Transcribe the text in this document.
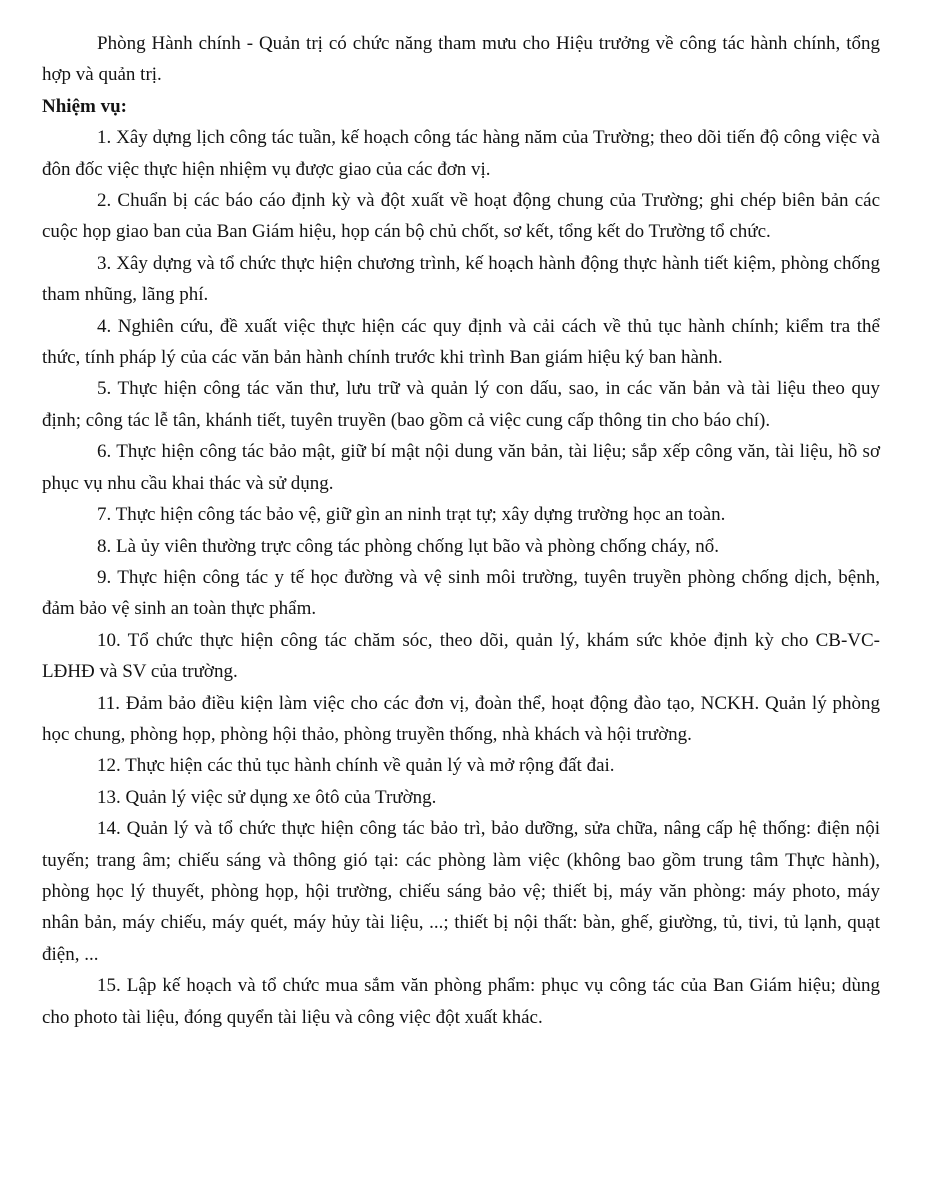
Phòng Hành chính - Quản trị có chức năng tham mưu cho Hiệu trưởng về công tác hành chính, tổng hợp và quản trị.

Nhiệm vụ:

1. Xây dựng lịch công tác tuần, kế hoạch công tác hàng năm của Trường; theo dõi tiến độ công việc và đôn đốc việc thực hiện nhiệm vụ được giao của các đơn vị.

2. Chuẩn bị các báo cáo định kỳ và đột xuất về hoạt động chung của Trường; ghi chép biên bản các cuộc họp giao ban của Ban Giám hiệu, họp cán bộ chủ chốt, sơ kết, tổng kết do Trường tổ chức.

3. Xây dựng và tổ chức thực hiện chương trình, kế hoạch hành động thực hành tiết kiệm, phòng chống tham nhũng, lãng phí.

4. Nghiên cứu, đề xuất việc thực hiện các quy định và cải cách về thủ tục hành chính; kiểm tra thể thức, tính pháp lý của các văn bản hành chính trước khi trình Ban giám hiệu ký ban hành.

5. Thực hiện công tác văn thư, lưu trữ và quản lý con dấu, sao, in các văn bản và tài liệu theo quy định; công tác lễ tân, khánh tiết, tuyên truyền (bao gồm cả việc cung cấp thông tin cho báo chí).

6. Thực hiện công tác bảo mật, giữ bí mật nội dung văn bản, tài liệu; sắp xếp công văn, tài liệu, hồ sơ phục vụ nhu cầu khai thác và sử dụng.

7. Thực hiện công tác bảo vệ, giữ gìn an ninh trạt tự; xây dựng trường học an toàn.

8. Là ủy viên thường trực công tác phòng chống lụt bão và phòng chống cháy, nổ.

9. Thực hiện công tác y tế học đường và vệ sinh môi trường, tuyên truyền phòng chống dịch, bệnh, đảm bảo vệ sinh an toàn thực phẩm.

10. Tổ chức thực hiện công tác chăm sóc, theo dõi, quản lý, khám sức khỏe định kỳ cho CB-VC-LĐHĐ và SV của trường.

11. Đảm bảo điều kiện làm việc cho các đơn vị, đoàn thể, hoạt động đào tạo, NCKH. Quản lý phòng học chung, phòng họp, phòng hội thảo, phòng truyền thống, nhà khách và hội trường.

12. Thực hiện các thủ tục hành chính về quản lý và mở rộng đất đai.

13. Quản lý việc sử dụng xe ôtô của Trường.

14. Quản lý và tổ chức thực hiện công tác bảo trì, bảo dưỡng, sửa chữa, nâng cấp hệ thống: điện nội tuyến; trang âm; chiếu sáng và thông gió tại: các phòng làm việc (không bao gồm trung tâm Thực hành), phòng học lý thuyết, phòng họp, hội trường, chiếu sáng bảo vệ; thiết bị, máy văn phòng: máy photo, máy nhân bản, máy chiếu, máy quét, máy hủy tài liệu, ...; thiết bị nội thất: bàn, ghế, giường, tủ, tivi, tủ lạnh, quạt điện, ...

15. Lập kế hoạch và tổ chức mua sắm văn phòng phẩm: phục vụ công tác của Ban Giám hiệu; dùng cho photo tài liệu, đóng quyển tài liệu và công việc đột xuất khác.
